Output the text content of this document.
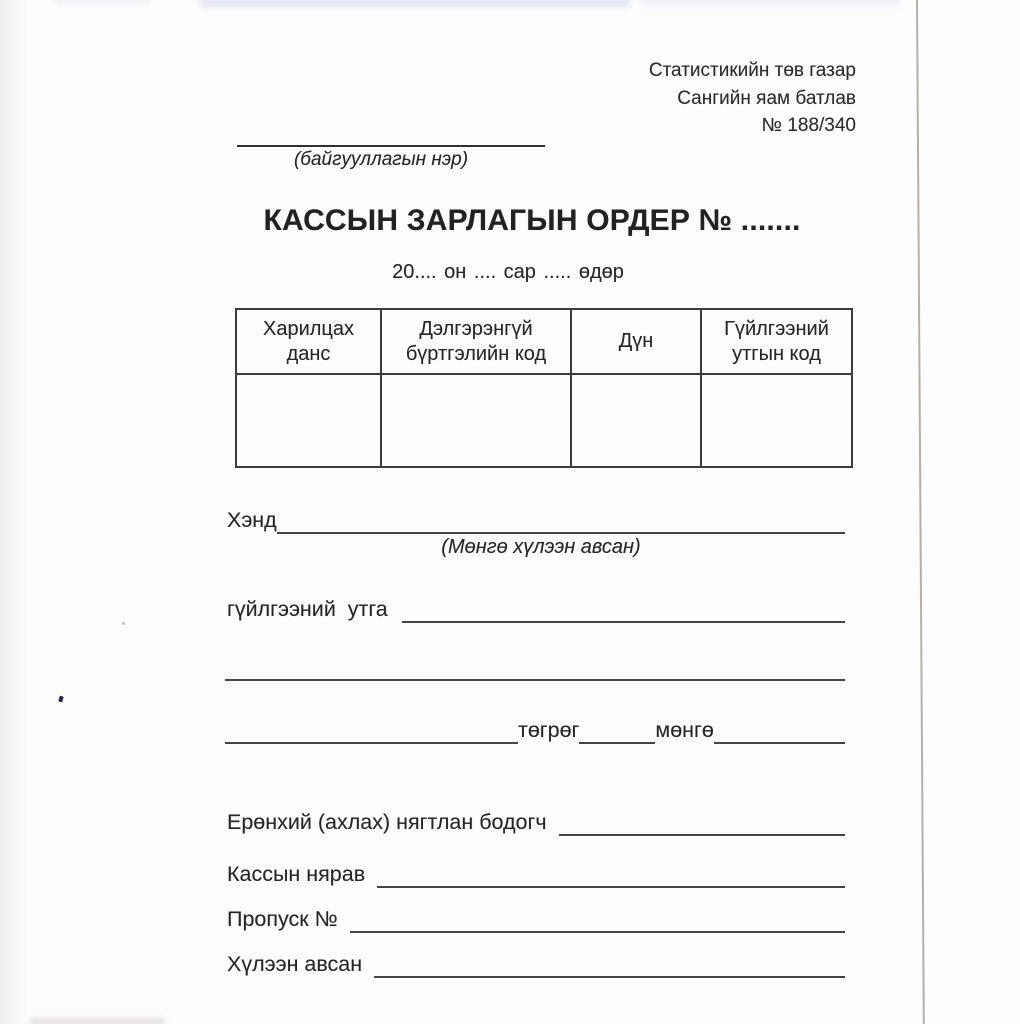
Статистикийн төв газар
Сангийн яам батлав
№ 188/340
(байгууллагын нэр)
КАССЫН ЗАРЛАГЫН ОРДЕР № .......
20.... он .... сар ..... өдөр
Харилцах данс	Дэлгэрэнгүй бүртгэлийн код	Дүн	Гүйлгээний утгын код

Хэнд
(Мөнгө хүлээн авсан)
гүйлгээний утга
төгрөг	мөнгө
Ерөнхий (ахлах) нягтлан бодогч
Кассын нярав
Пропуск №
Хүлээн авсан
